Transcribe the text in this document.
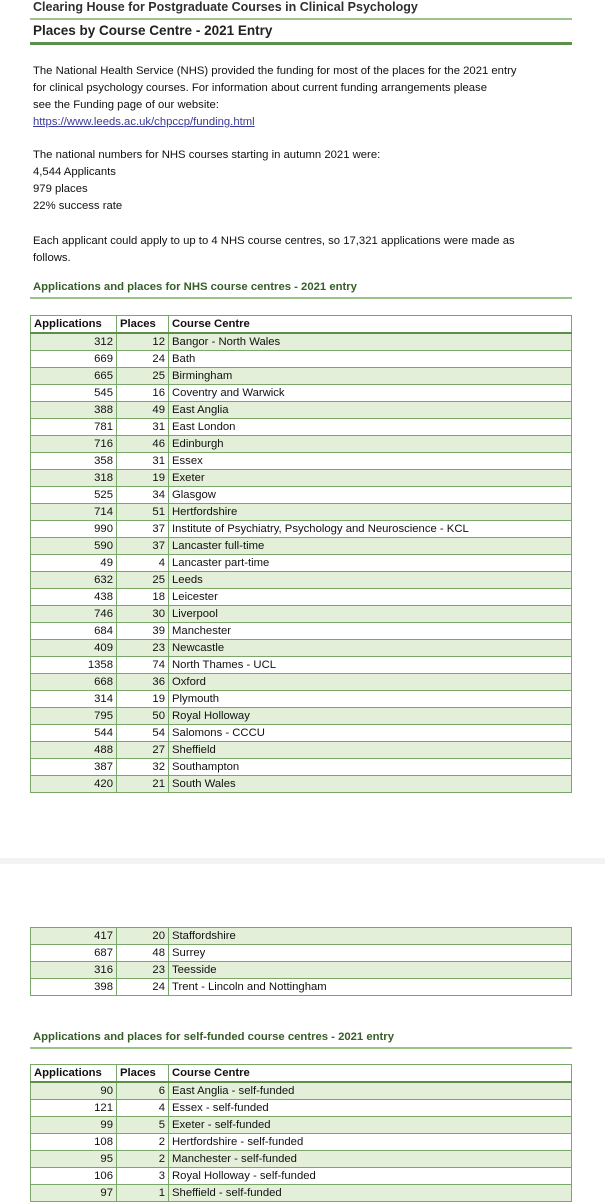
Clearing House for Postgraduate Courses in Clinical Psychology
Places by Course Centre - 2021 Entry

The National Health Service (NHS) provided the funding for most of the places for the 2021 entry
for clinical psychology courses. For information about current funding arrangements please
see the Funding page of our website:
https://www.leeds.ac.uk/chpccp/funding.html

The national numbers for NHS courses starting in autumn 2021 were:
4,544 Applicants
979 places
22% success rate

Each applicant could apply to up to 4 NHS course centres, so 17,321 applications were made as
follows.

Applications and places for NHS course centres - 2021 entry
Applications	Places	Course Centre
312	12	Bangor - North Wales
669	24	Bath
665	25	Birmingham
545	16	Coventry and Warwick
388	49	East Anglia
781	31	East London
716	46	Edinburgh
358	31	Essex
318	19	Exeter
525	34	Glasgow
714	51	Hertfordshire
990	37	Institute of Psychiatry, Psychology and Neuroscience - KCL
590	37	Lancaster full-time
49	4	Lancaster part-time
632	25	Leeds
438	18	Leicester
746	30	Liverpool
684	39	Manchester
409	23	Newcastle
1358	74	North Thames - UCL
668	36	Oxford
314	19	Plymouth
795	50	Royal Holloway
544	54	Salomons - CCCU
488	27	Sheffield
387	32	Southampton
420	21	South Wales
417	20	Staffordshire
687	48	Surrey
316	23	Teesside
398	24	Trent - Lincoln and Nottingham
Applications and places for self-funded course centres - 2021 entry
Applications	Places	Course Centre
90	6	East Anglia - self-funded
121	4	Essex - self-funded
99	5	Exeter - self-funded
108	2	Hertfordshire - self-funded
95	2	Manchester - self-funded
106	3	Royal Holloway - self-funded
97	1	Sheffield - self-funded
